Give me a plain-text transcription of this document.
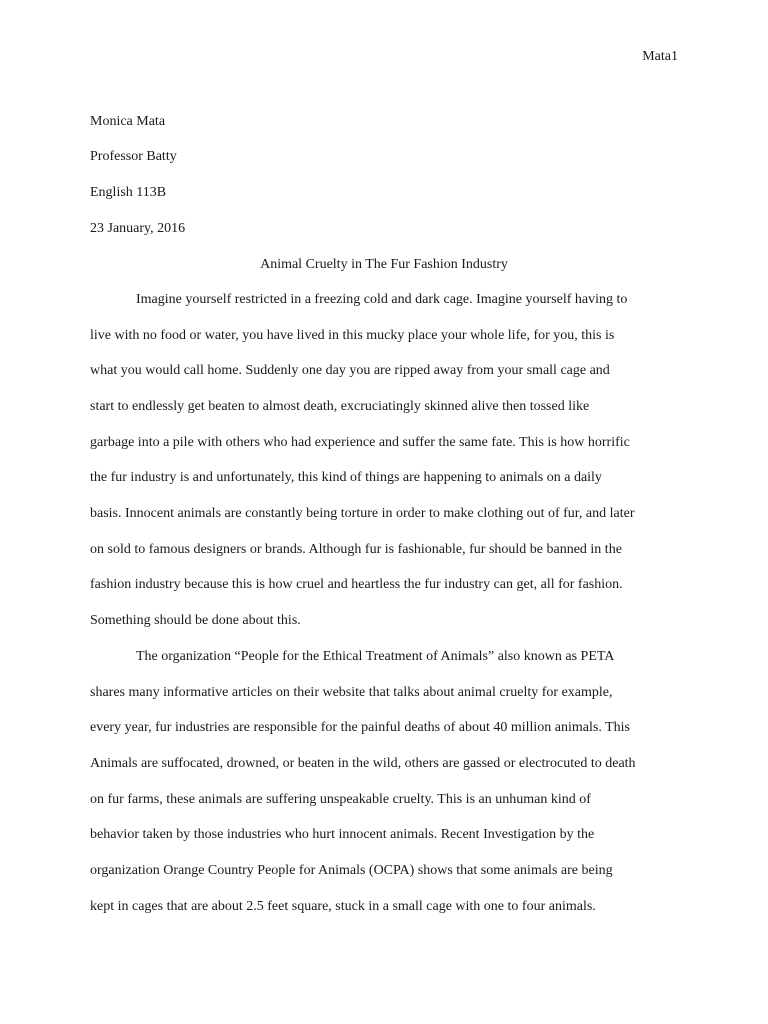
Mata1
Monica Mata
Professor Batty
English 113B
23 January, 2016
Animal Cruelty in The Fur Fashion Industry
Imagine yourself restricted in a freezing cold and dark cage. Imagine yourself having to
live with no food or water, you have lived in this mucky place your whole life, for you, this is
what you would call home. Suddenly one day you are ripped away from your small cage and
start to endlessly get beaten to almost death, excruciatingly skinned alive then tossed like
garbage into a pile with others who had experience and suffer the same fate. This is how horrific
the fur industry is and unfortunately, this kind of things are happening to animals on a daily
basis. Innocent animals are constantly being torture in order to make clothing out of fur, and later
on sold to famous designers or brands. Although fur is fashionable, fur should be banned in the
fashion industry because this is how cruel and heartless the fur industry can get, all for fashion.
Something should be done about this.
The organization “People for the Ethical Treatment of Animals” also known as PETA
shares many informative articles on their website that talks about animal cruelty for example,
every year, fur industries are responsible for the painful deaths of about 40 million animals. This
Animals are suffocated, drowned, or beaten in the wild, others are gassed or electrocuted to death
on fur farms, these animals are suffering unspeakable cruelty. This is an unhuman kind of
behavior taken by those industries who hurt innocent animals. Recent Investigation by the
organization Orange Country People for Animals (OCPA) shows that some animals are being
kept in cages that are about 2.5 feet square, stuck in a small cage with one to four animals.
